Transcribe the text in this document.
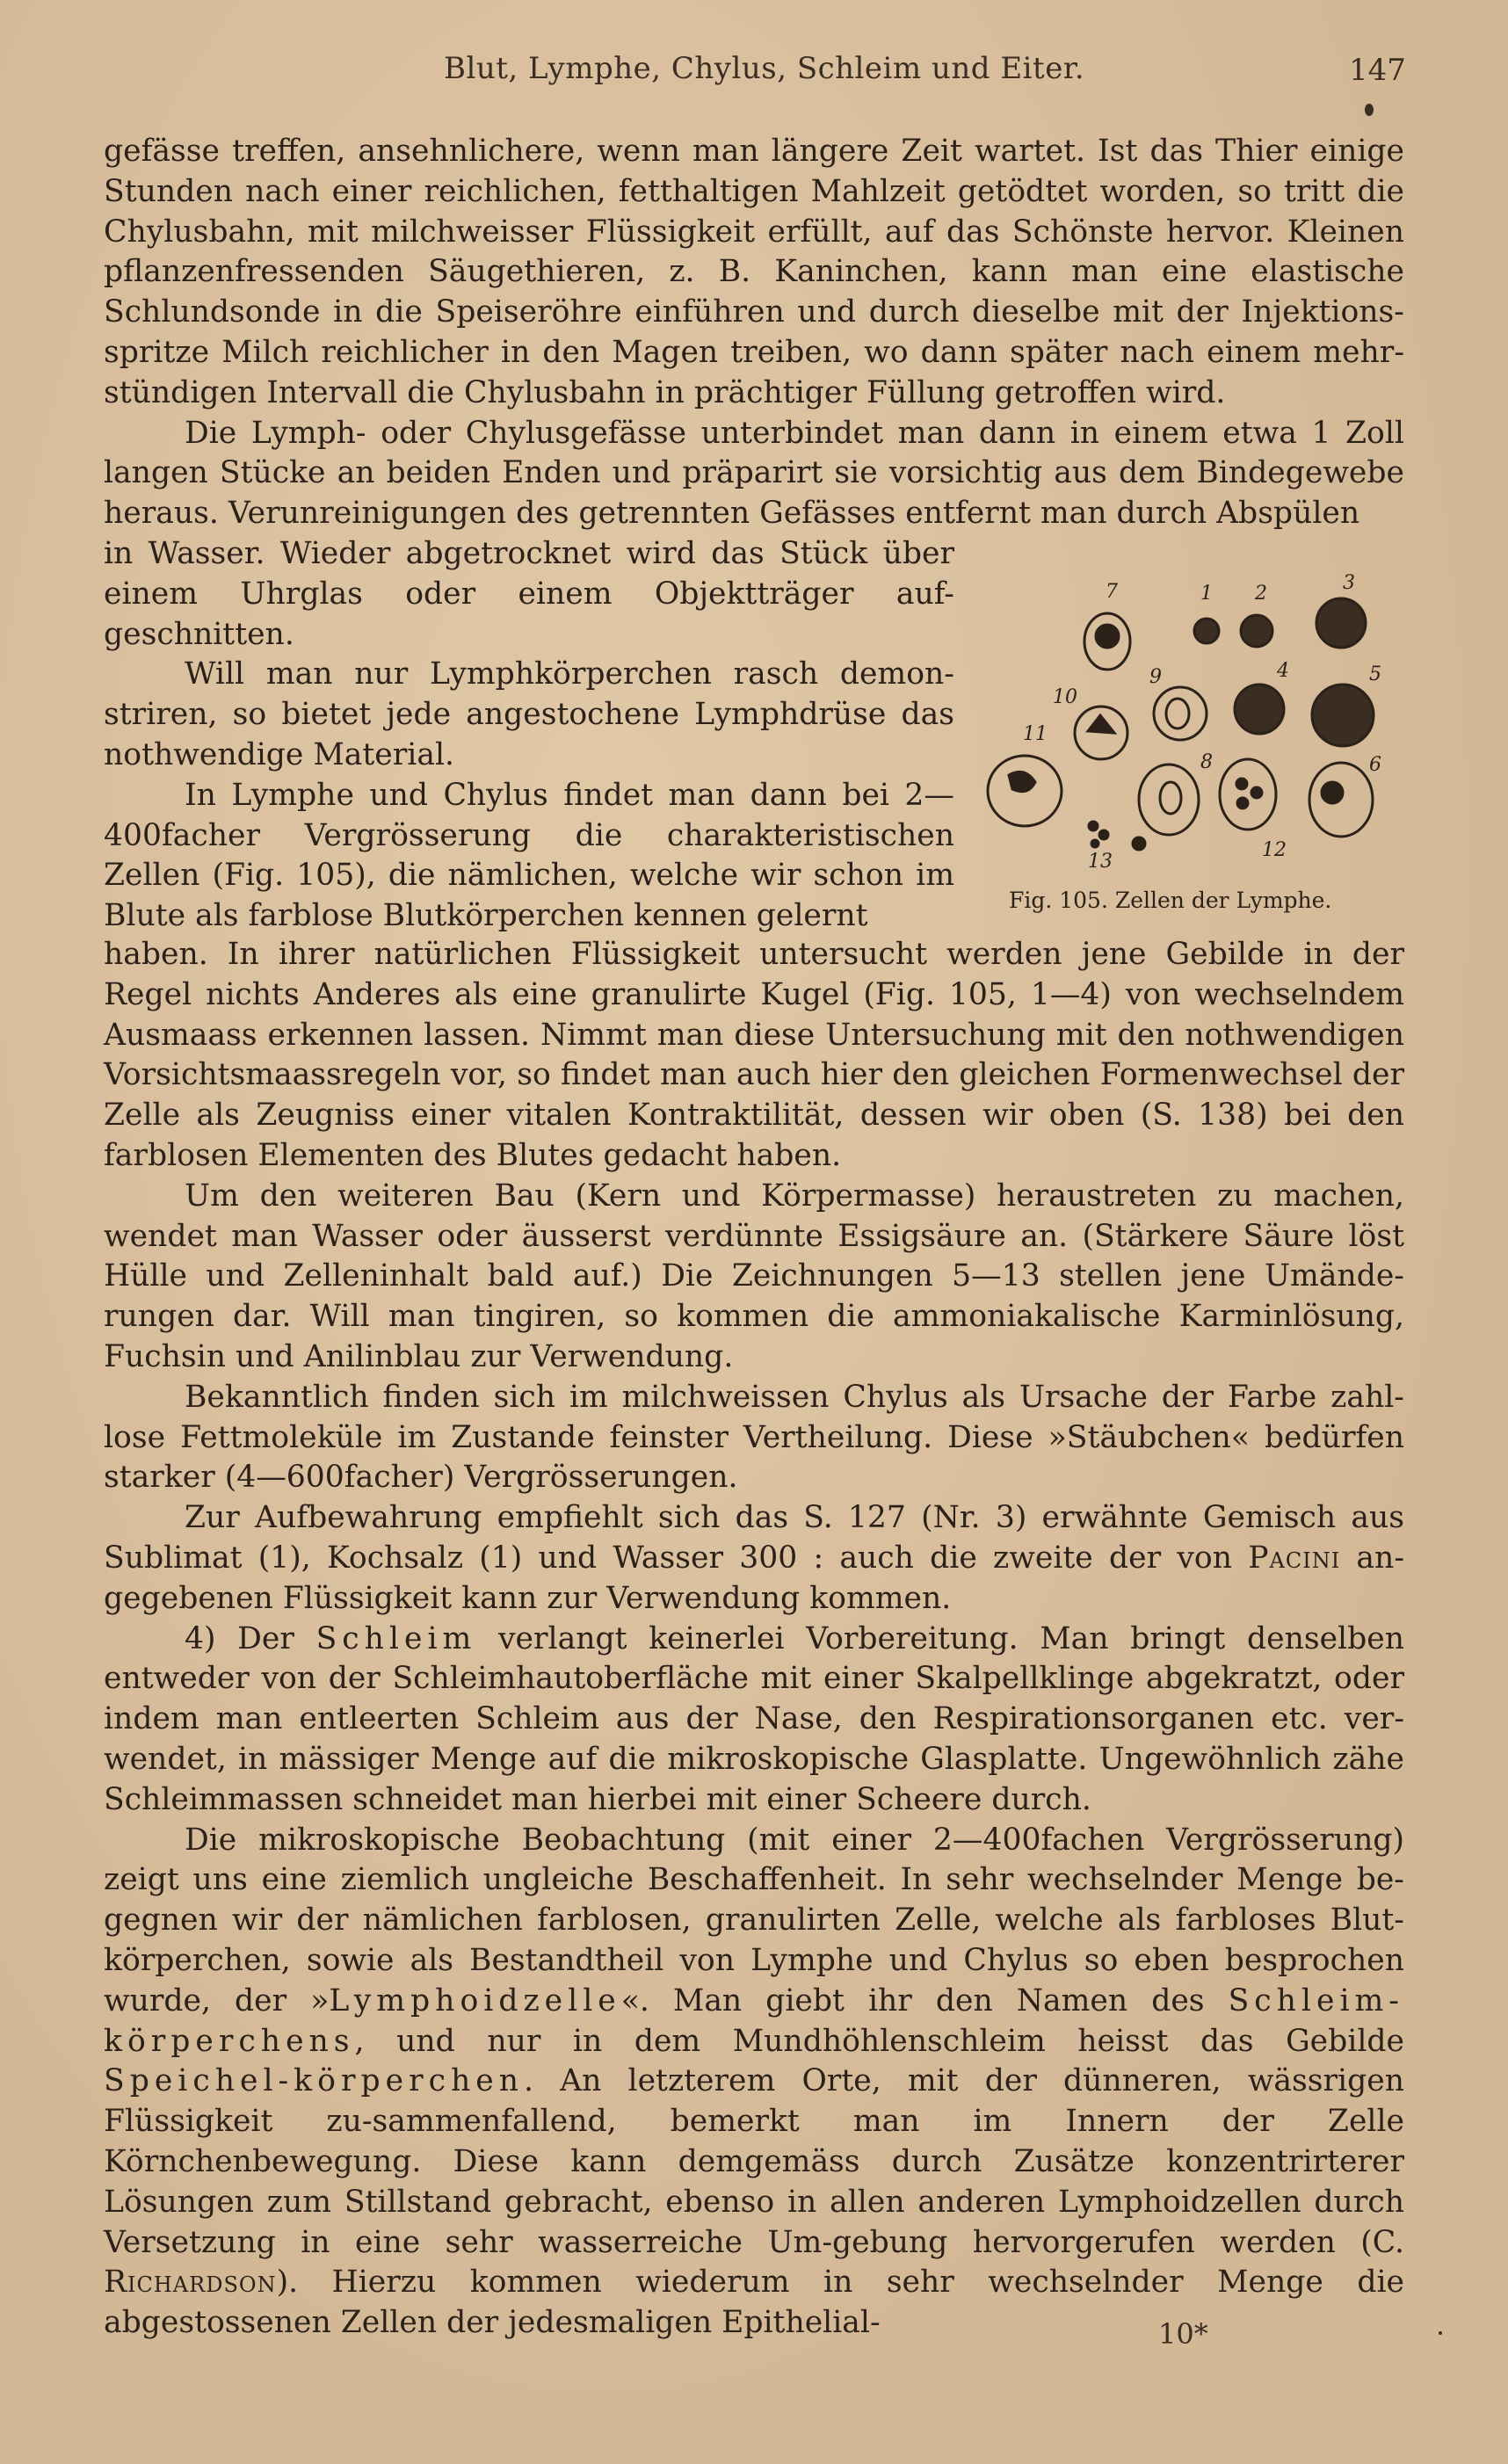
Blut, Lymphe, Chylus, Schleim und Eiter.	147

gefässe treffen, ansehnlichere, wenn man längere Zeit wartet. Ist das Thier einige Stunden nach einer reichlichen, fetthaltigen Mahlzeit getödtet worden, so tritt die Chylusbahn, mit milchweisser Flüssigkeit erfüllt, auf das Schönste hervor. Kleinen pflanzenfressenden Säugethieren, z. B. Kaninchen, kann man eine elastische Schlundsonde in die Speiseröhre einführen und durch dieselbe mit der Injektions-spritze Milch reichlicher in den Magen treiben, wo dann später nach einem mehr-stündigen Intervall die Chylusbahn in prächtiger Füllung getroffen wird.

Die Lymph- oder Chylusgefässe unterbindet man dann in einem etwa 1 Zoll langen Stücke an beiden Enden und präparirt sie vorsichtig aus dem Bindegewebe heraus. Verunreinigungen des getrennten Gefässes entfernt man durch Abspülen

in Wasser. Wieder abgetrocknet wird das Stück über einem Uhrglas oder einem Objektträger auf-geschnitten.

Will man nur Lymphkörperchen rasch demon-striren, so bietet jede angestochene Lymphdrüse das nothwendige Material.

In Lymphe und Chylus findet man dann bei 2—400facher Vergrösserung die charakteristischen Zellen (Fig. 105), die nämlichen, welche wir schon im Blute als farblose Blutkörperchen kennen gelernt

7	1 2	3
9	4	5
10
11
8	6
13
12
Fig. 105. Zellen der Lymphe.

haben. In ihrer natürlichen Flüssigkeit untersucht werden jene Gebilde in der Regel nichts Anderes als eine granulirte Kugel (Fig. 105, 1—4) von wechselndem Ausmaass erkennen lassen. Nimmt man diese Untersuchung mit den nothwendigen Vorsichtsmaassregeln vor, so findet man auch hier den gleichen Formenwechsel der Zelle als Zeugniss einer vitalen Kontraktilität, dessen wir oben (S. 138) bei den farblosen Elementen des Blutes gedacht haben.

Um den weiteren Bau (Kern und Körpermasse) heraustreten zu machen, wendet man Wasser oder äusserst verdünnte Essigsäure an. (Stärkere Säure löst Hülle und Zelleninhalt bald auf.) Die Zeichnungen 5—13 stellen jene Umände-rungen dar. Will man tingiren, so kommen die ammoniakalische Karminlösung, Fuchsin und Anilinblau zur Verwendung.

Bekanntlich finden sich im milchweissen Chylus als Ursache der Farbe zahl-lose Fettmoleküle im Zustande feinster Vertheilung. Diese »Stäubchen« bedürfen starker (4—600facher) Vergrösserungen.

Zur Aufbewahrung empfiehlt sich das S. 127 (Nr. 3) erwähnte Gemisch aus Sublimat (1), Kochsalz (1) und Wasser 300 : auch die zweite der von Pacini an-gegebenen Flüssigkeit kann zur Verwendung kommen.

4) Der Schleim verlangt keinerlei Vorbereitung. Man bringt denselben entweder von der Schleimhautoberfläche mit einer Skalpellklinge abgekratzt, oder indem man entleerten Schleim aus der Nase, den Respirationsorganen etc. ver-wendet, in mässiger Menge auf die mikroskopische Glasplatte. Ungewöhnlich zähe Schleimmassen schneidet man hierbei mit einer Scheere durch.

Die mikroskopische Beobachtung (mit einer 2—400fachen Vergrösserung) zeigt uns eine ziemlich ungleiche Beschaffenheit. In sehr wechselnder Menge be-gegnen wir der nämlichen farblosen, granulirten Zelle, welche als farbloses Blut-körperchen, sowie als Bestandtheil von Lymphe und Chylus so eben besprochen wurde, der »Lymphoidzelle«. Man giebt ihr den Namen des Schleim-körperchens, und nur in dem Mundhöhlenschleim heisst das Gebilde Speichel-körperchen. An letzterem Orte, mit der dünneren, wässrigen Flüssigkeit zu-sammenfallend, bemerkt man im Innern der Zelle Körnchenbewegung. Diese kann demgemäss durch Zusätze konzentrirterer Lösungen zum Stillstand gebracht, ebenso in allen anderen Lymphoidzellen durch Versetzung in eine sehr wasserreiche Um-gebung hervorgerufen werden (C. Richardson). Hierzu kommen wiederum in sehr wechselnder Menge die abgestossenen Zellen der jedesmaligen Epithelial-	10*
